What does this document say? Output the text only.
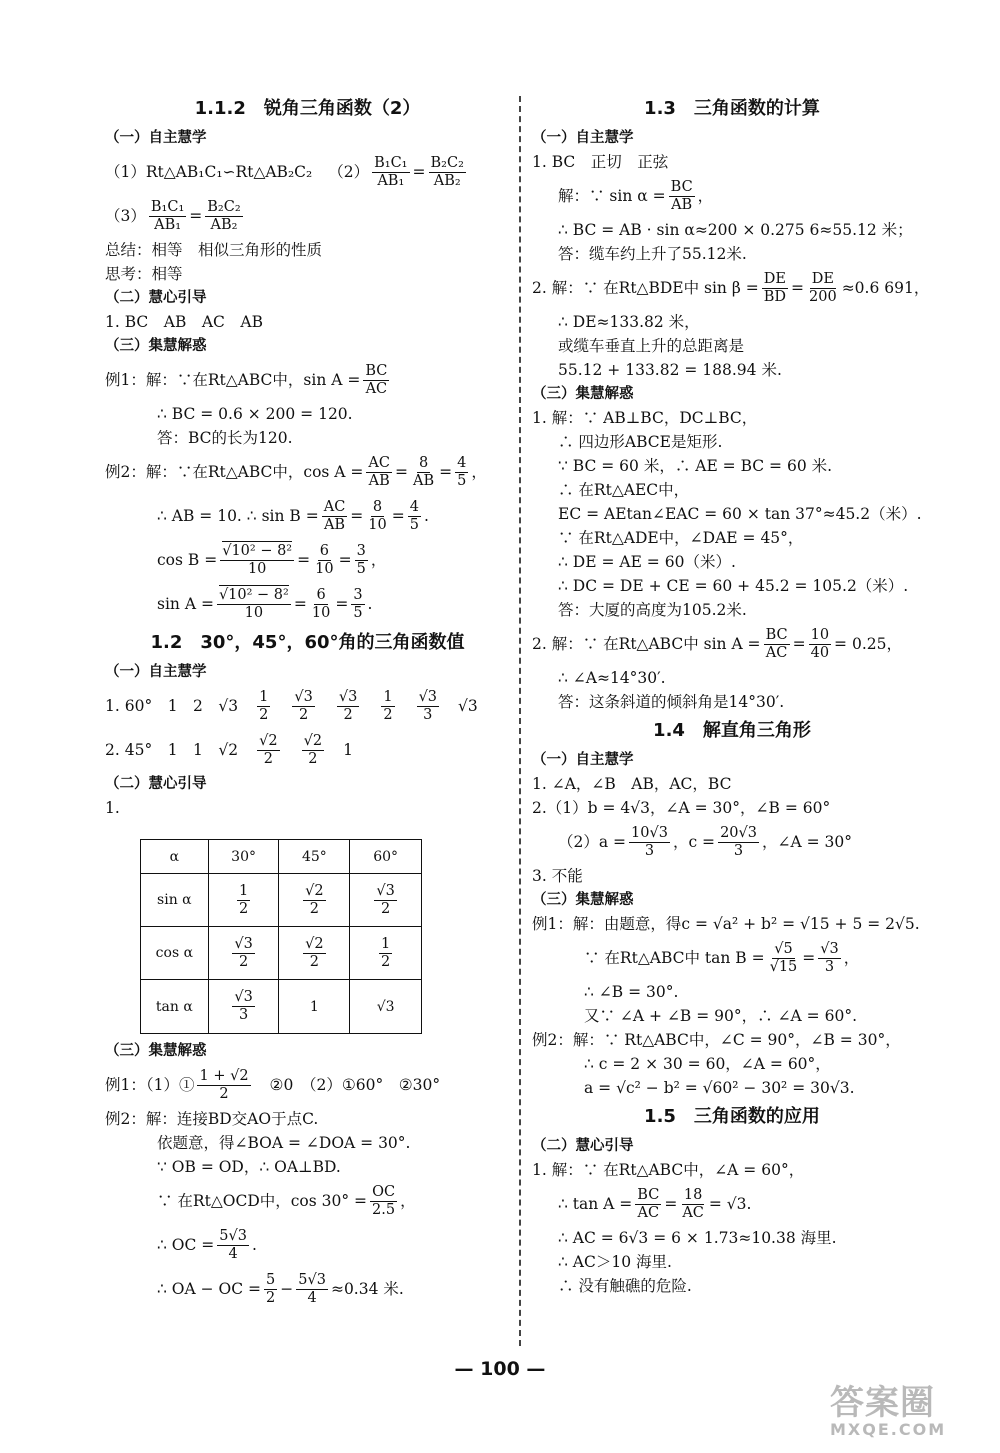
1.1.2　锐角三角函数（2）
（一）自主慧学
（1）Rt△AB₁C₁∽Rt△AB₂C₂ $(2) \frac{\text{B₁C₁}}{\text{AB₁}} = \frac{\text{B₂C₂}}{\text{AB₂}}$
$(3) \frac{\text{B₁C₁}}{\text{AB₁}} = \frac{\text{B₂C₂}}{\text{AB₂}}$
总结：相等　相似三角形的性质
思考：相等
（二）慧心引导
1. BC　AB　AC　AB
（三）集慧解惑
例1：解：∵在Rt△ABC中，$\sin A = \frac{BC}{AC}$
∴ BC = 0.6 × 200 = 120.
答：BC的长为120.
例2：解：∵在Rt△ABC中，$\cos A = \frac{AC}{AB} = \frac{8}{AB} = \frac{4}{5}$ ，
∴ AB = 10. ∴ $\sin B = \frac{AC}{AB} = \frac{8}{10} = \frac{4}{5}$ .
$\cos B = \frac{\text{√10² − 8²}}{10} = \frac{6}{10} = \frac{3}{5}$ ，
$\sin A = \frac{\text{√10² − 8²}}{10} = \frac{6}{10} = \frac{3}{5}$ .
1.2　30°，45°，60°角的三角函数值
（一）自主慧学
1. 60°　1　2　$√3 \frac{1}{2} \frac{√3}{2} \frac{√3}{2} \frac{1}{2} \frac{√3}{3} √3$
2. 45°　1　1　$√2 \frac{√2}{2} \frac{√2}{2} 1$
（二）慧心引导
1.
α	30°	45°	60°
sin α	$\frac{1}{2}$	$\frac{√2}{2}$	$\frac{√3}{2}$

cos α	$\frac{√3}{2}$	$\frac{√2}{2}$	$\frac{1}{2}$

tan α	$\frac{√3}{3}$	1	√3
（三）集慧解惑
例1：（1）① $\frac{1 + √2}{2}$ ②0　（2）①60°　②30°
例2：解：连接BD交AO于点C.
依题意，得∠BOA = ∠DOA = 30°.
∵ OB = OD，∴ OA⊥BD.
∵ 在Rt△OCD中，$\cos 30^\circ = \frac{OC}{2.5}$ ，
∴ OC = $\frac{5√3}{4}$ .
∴ OA − OC = $\frac{5}{2} - \frac{5√3}{4} \approx 0.34$ 米.
1.3　三角函数的计算
（一）自主慧学
1. BC　正切　正弦
解：∵ $\sin \alpha = \frac{BC}{AB}$ ，
∴ BC = AB · sin α≈200 × 0.275 6≈55.12 米；
答：缆车约上升了55.12米.
2. 解：∵ 在Rt△BDE中 $\sin \beta = \frac{DE}{BD} = \frac{DE}{200} \approx 0.6$ 691，
∴ DE≈133.82 米，
或缆车垂直上升的总距离是
55.12 + 133.82 = 188.94 米.
（三）集慧解惑
1. 解：∵ AB⊥BC，DC⊥BC，
∴ 四边形ABCE是矩形.
∵ BC = 60 米，∴ AE = BC = 60 米.
∴ 在Rt△AEC中，
EC = AEtan∠EAC = 60 × tan 37°≈45.2（米）.
∵ 在Rt△ADE中，∠DAE = 45°，
∴ DE = AE = 60（米）.
∴ DC = DE + CE = 60 + 45.2 = 105.2（米）.
答：大厦的高度为105.2米.
2. 解：∵ 在Rt△ABC中 $\sin A = \frac{BC}{AC} = \frac{10}{40} = 0.25$，
∴ ∠A≈14°30′.
答：这条斜道的倾斜角是14°30′.
1.4　解直角三角形
（一）自主慧学
1. ∠A，∠B　AB，AC，BC
2.（1）b = 4√3，∠A = 30°，∠B = 60°
$(2)a = \frac{10√3}{3}$ ，$c = \frac{20√3}{3}$ ，∠A = 30°
3. 不能
（三）集慧解惑
例1：解：由题意，得c = √a² + b² = √15 + 5 = 2√5.
∵ 在Rt△ABC中 $\tan B = \frac{√5}{√15} = \frac{√3}{3}$ ，
∴ ∠B = 30°.
又∵ ∠A + ∠B = 90°，∴ ∠A = 60°.
例2：解：∵ Rt△ABC中，∠C = 90°，∠B = 30°，
∴ c = 2 × 30 = 60，∠A = 60°，
a = √c² − b² = √60² − 30² = 30√3.
1.5　三角函数的应用
（二）慧心引导
1. 解：∵ 在Rt△ABC中，∠A = 60°，
∴ $\tan A = \frac{BC}{AC} = \frac{18}{AC} = √3$.
∴ AC = 6√3 = 6 × 1.73≈10.38 海里.
∴ AC＞10 海里.
∴ 没有触礁的危险.
— 100 —
答案圈
MXQE.COM
